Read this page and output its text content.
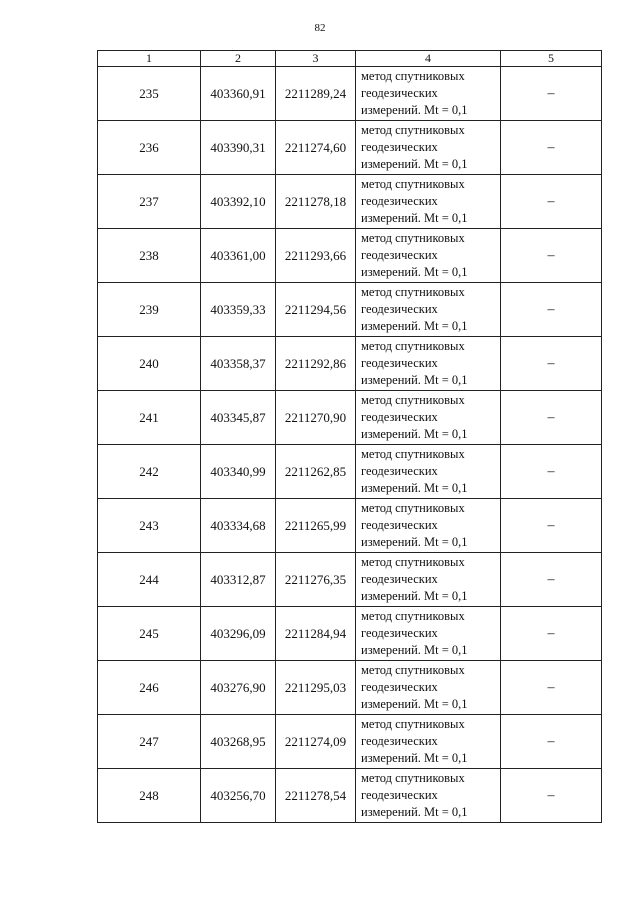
82
1	2	3	4	5
235	403360,91	2211289,24	метод спутниковых
геодезических
измерений. Mt = 0,1	–
236	403390,31	2211274,60	метод спутниковых
геодезических
измерений. Mt = 0,1	–
237	403392,10	2211278,18	метод спутниковых
геодезических
измерений. Mt = 0,1	–
238	403361,00	2211293,66	метод спутниковых
геодезических
измерений. Mt = 0,1	–
239	403359,33	2211294,56	метод спутниковых
геодезических
измерений. Mt = 0,1	–
240	403358,37	2211292,86	метод спутниковых
геодезических
измерений. Mt = 0,1	–
241	403345,87	2211270,90	метод спутниковых
геодезических
измерений. Mt = 0,1	–
242	403340,99	2211262,85	метод спутниковых
геодезических
измерений. Mt = 0,1	–
243	403334,68	2211265,99	метод спутниковых
геодезических
измерений. Mt = 0,1	–
244	403312,87	2211276,35	метод спутниковых
геодезических
измерений. Mt = 0,1	–
245	403296,09	2211284,94	метод спутниковых
геодезических
измерений. Mt = 0,1	–
246	403276,90	2211295,03	метод спутниковых
геодезических
измерений. Mt = 0,1	–
247	403268,95	2211274,09	метод спутниковых
геодезических
измерений. Mt = 0,1	–
248	403256,70	2211278,54	метод спутниковых
геодезических
измерений. Mt = 0,1	–
